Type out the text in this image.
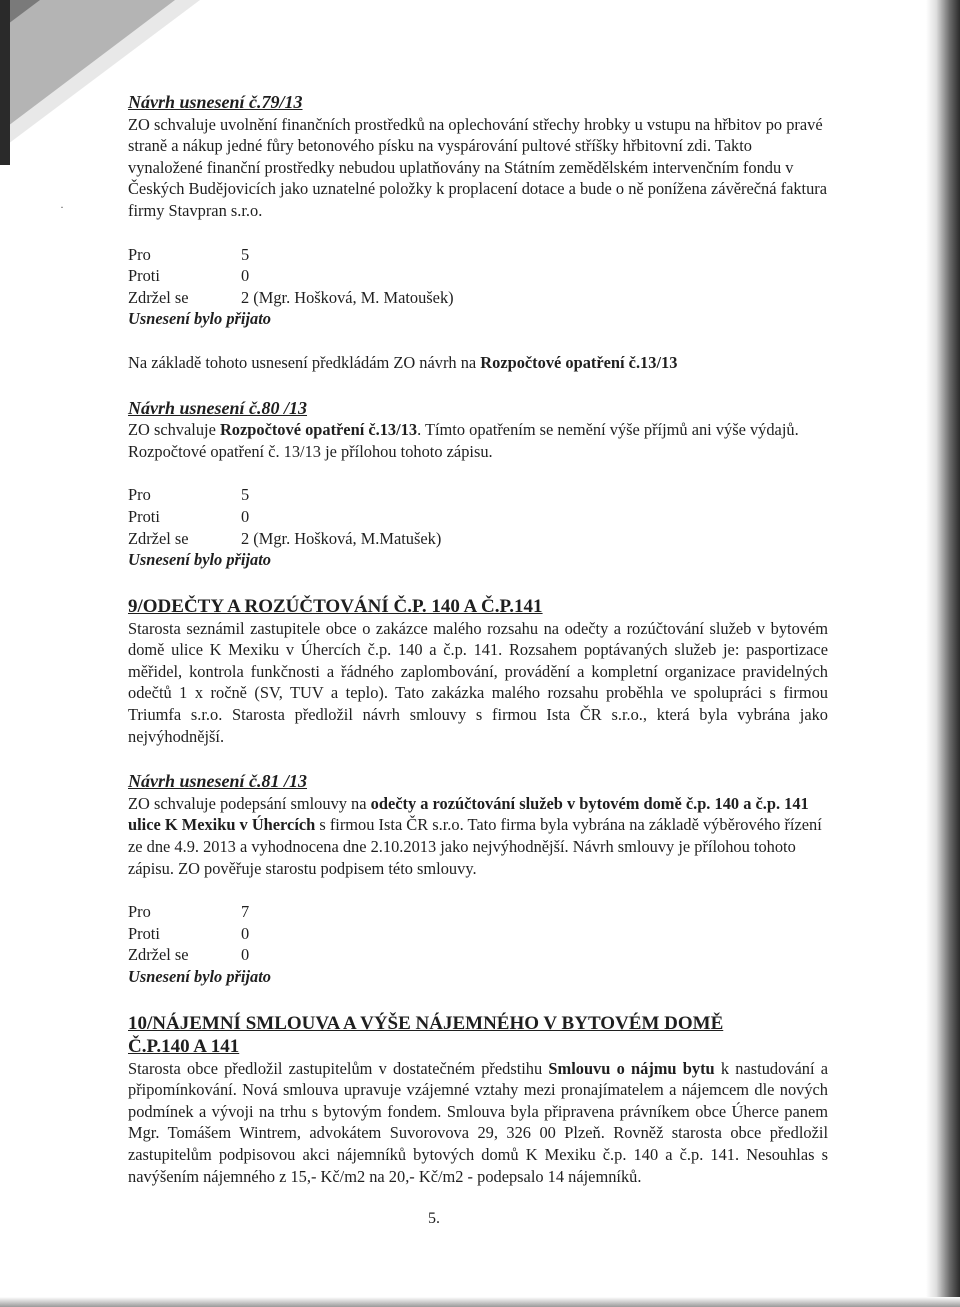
·
Návrh usnesení č.79/13

ZO schvaluje uvolnění finančních prostředků na oplechování střechy hrobky u vstupu na hřbitov po pravé straně a nákup jedné fůry betonového písku na vyspárování pultové stříšky hřbitovní zdi. Takto vynaložené finanční prostředky nebudou uplatňovány na Státním zemědělském intervenčním fondu v Českých Budějovicích jako uznatelné položky k proplacení dotace a bude o ně ponížena závěrečná faktura firmy Stavpran s.r.o.

Pro	5
Proti	0
Zdržel se	2 (Mgr. Hošková, M. Matoušek)
Usnesení bylo přijato

Na základě tohoto usnesení předkládám ZO návrh na Rozpočtové opatření č.13/13

Návrh usnesení č.80 /13

ZO schvaluje Rozpočtové opatření č.13/13. Tímto opatřením se nemění výše příjmů ani výše výdajů. Rozpočtové opatření č. 13/13 je přílohou tohoto zápisu.

Pro	5
Proti	0
Zdržel se	2 (Mgr. Hošková, M.Matušek)
Usnesení bylo přijato
9/ODEČTY A ROZÚČTOVÁNÍ Č.P. 140 A Č.P.141

Starosta seznámil zastupitele obce o zakázce malého rozsahu na odečty a rozúčtování služeb v bytovém domě ulice K Mexiku v Úhercích č.p. 140 a č.p. 141. Rozsahem poptávaných služeb je: pasportizace měřidel, kontrola funkčnosti a řádného zaplombování, provádění a kompletní organizace pravidelných odečtů 1 x ročně (SV, TUV a teplo). Tato zakázka malého rozsahu proběhla ve spolupráci s firmou Triumfa s.r.o. Starosta předložil návrh smlouvy s firmou Ista ČR s.r.o., která byla vybrána jako nejvýhodnější.

Návrh usnesení č.81 /13

ZO schvaluje podepsání smlouvy na odečty a rozúčtování služeb v bytovém domě č.p. 140 a č.p. 141 ulice K Mexiku v Úhercích s firmou Ista ČR s.r.o. Tato firma byla vybrána na základě výběrového řízení ze dne 4.9. 2013 a vyhodnocena dne 2.10.2013 jako nejvýhodnější. Návrh smlouvy je přílohou tohoto zápisu. ZO pověřuje starostu podpisem této smlouvy.

Pro	7
Proti	0
Zdržel se	0
Usnesení bylo přijato
10/NÁJEMNÍ SMLOUVA A VÝŠE NÁJEMNÉHO V BYTOVÉM DOMĚ Č.P.140 A 141

Starosta obce předložil zastupitelům v dostatečném předstihu Smlouvu o nájmu bytu k nastudování a připomínkování. Nová smlouva upravuje vzájemné vztahy mezi pronajímatelem a nájemcem dle nových podmínek a vývoji na trhu s bytovým fondem. Smlouva byla připravena právníkem obce Úherce panem Mgr. Tomášem Wintrem, advokátem Suvorovova 29, 326 00 Plzeň. Rovněž starosta obce předložil zastupitelům podpisovou akci nájemníků bytových domů K Mexiku č.p. 140 a č.p. 141. Nesouhlas s navýšením nájemného z 15,- Kč/m2 na 20,- Kč/m2 - podepsalo 14 nájemníků.

5.
